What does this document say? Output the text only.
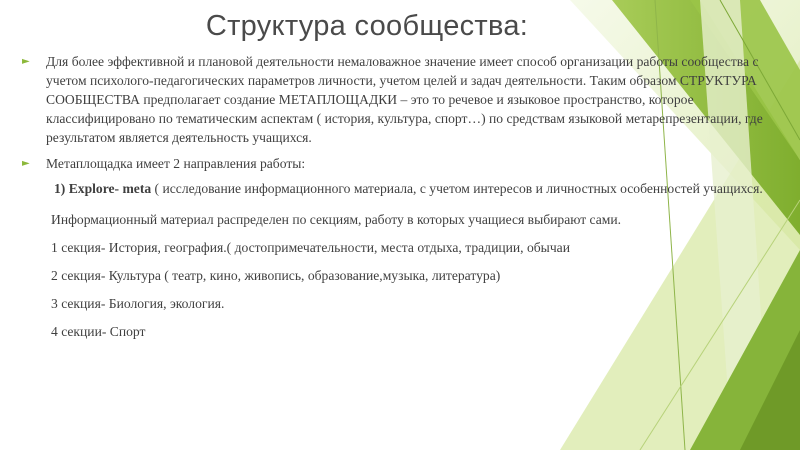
Структура сообщества:
► Для более эффективной и плановой деятельности немаловажное значение имеет способ организации работы сообщества с учетом психолого-педагогических параметров личности, учетом целей и задач деятельности. Таким образом СТРУКТУРА СООБЩЕСТВА предполагает создание МЕТАПЛОЩАДКИ – это то речевое и языковое пространство, которое классифицировано по тематическим аспектам ( история, культура, спорт…) по средствам языковой метарепрезентации, где результатом является деятельность учащихся.
► Метаплощадка имеет 2 направления работы:
1) Explore- meta ( исследование информационного материала, с учетом интересов и личностных особенностей учащихся.
Информационный материал распределен по секциям, работу в которых учащиеся выбирают сами.
1 секция- История, география.( достопримечательности, места отдыха, традиции, обычаи
2 секция- Культура ( театр, кино, живопись, образование,музыка, литература)
3 секция- Биология, экология.
4 секции- Спорт
